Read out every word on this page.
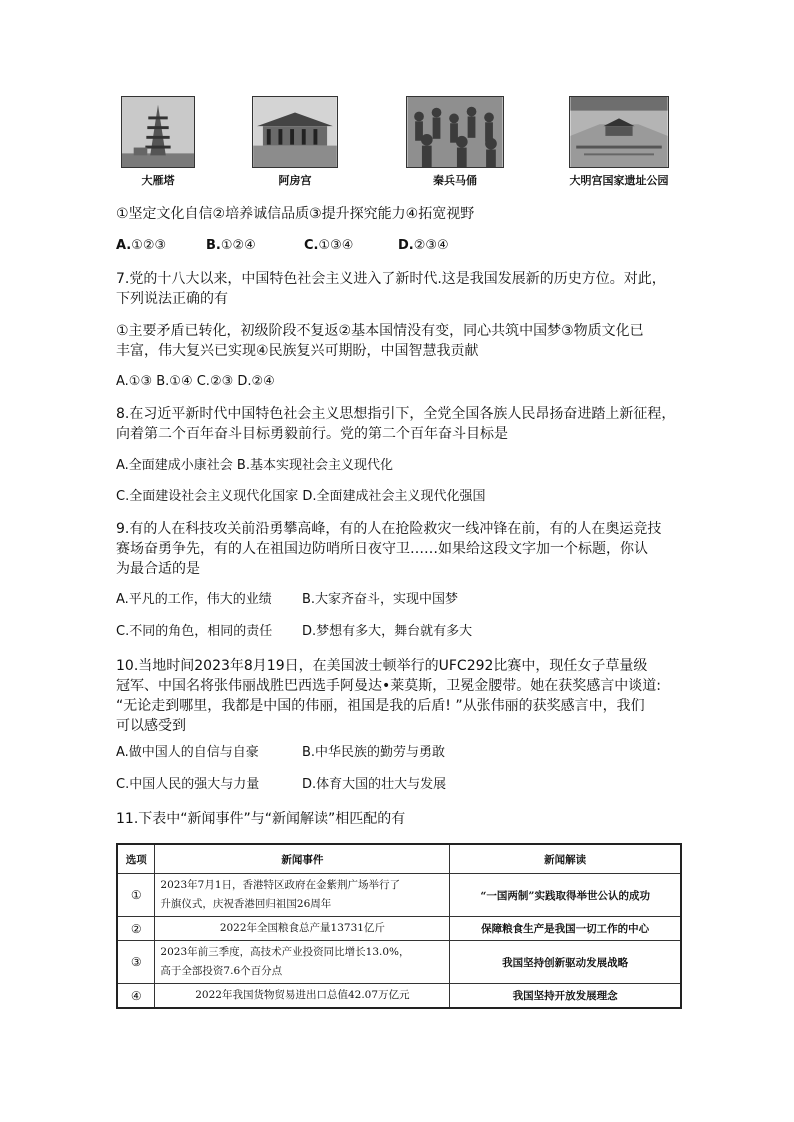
大雁塔	阿房宫	秦兵马俑	大明宫国家遗址公园
①坚定文化自信②培养诚信品质③提升探究能力④拓宽视野
A.①②③	B.①②④	C.①③④	D.②③④
7.党的十八大以来，中国特色社会主义进入了新时代.这是我国发展新的历史方位。对此，
下列说法正确的有
①主要矛盾已转化，初级阶段不复返②基本国情没有变，同心共筑中国梦③物质文化已
丰富，伟大复兴已实现④民族复兴可期盼，中国智慧我贡献
A.①③ B.①④ C.②③ D.②④
8.在习近平新时代中国特色社会主义思想指引下，全党全国各族人民昂扬奋进踏上新征程，
向着第二个百年奋斗目标勇毅前行。党的第二个百年奋斗目标是
A.全面建成小康社会 B.基本实现社会主义现代化
C.全面建设社会主义现代化国家 D.全面建成社会主义现代化强国
9.有的人在科技攻关前沿勇攀高峰，有的人在抢险救灾一线冲锋在前，有的人在奥运竞技
赛场奋勇争先，有的人在祖国边防哨所日夜守卫……如果给这段文字加一个标题，你认
为最合适的是
A.平凡的工作，伟大的业绩 B.大家齐奋斗，实现中国梦
C.不同的角色，相同的责任 D.梦想有多大，舞台就有多大
10.当地时间2023年8月19日，在美国波士顿举行的UFC292比赛中，现任女子草量级
冠军、中国名将张伟丽战胜巴西选手阿曼达•莱莫斯，卫冕金腰带。她在获奖感言中谈道:
“无论走到哪里，我都是中国的伟丽，祖国是我的后盾! ”从张伟丽的获奖感言中，我们
可以感受到
A.做中国人的自信与自豪	B.中华民族的勤劳与勇敢
C.中国人民的强大与力量	D.体育大国的壮大与发展
11.下表中“新闻事件”与“新闻解读”相匹配的有
选项	新闻事件	新闻解读
①	2023年7月1日，香港特区政府在金紫荆广场举行了
升旗仪式，庆祝香港回归祖国26周年	“一国两制”实践取得举世公认的成功
②	2022年全国粮食总产量13731亿斤	保障粮食生产是我国一切工作的中心
③	2023年前三季度，高技术产业投资同比增长13.0%，
高于全部投资7.6个百分点	我国坚持创新驱动发展战略
④	2022年我国货物贸易进出口总值42.07万亿元	我国坚持开放发展理念
